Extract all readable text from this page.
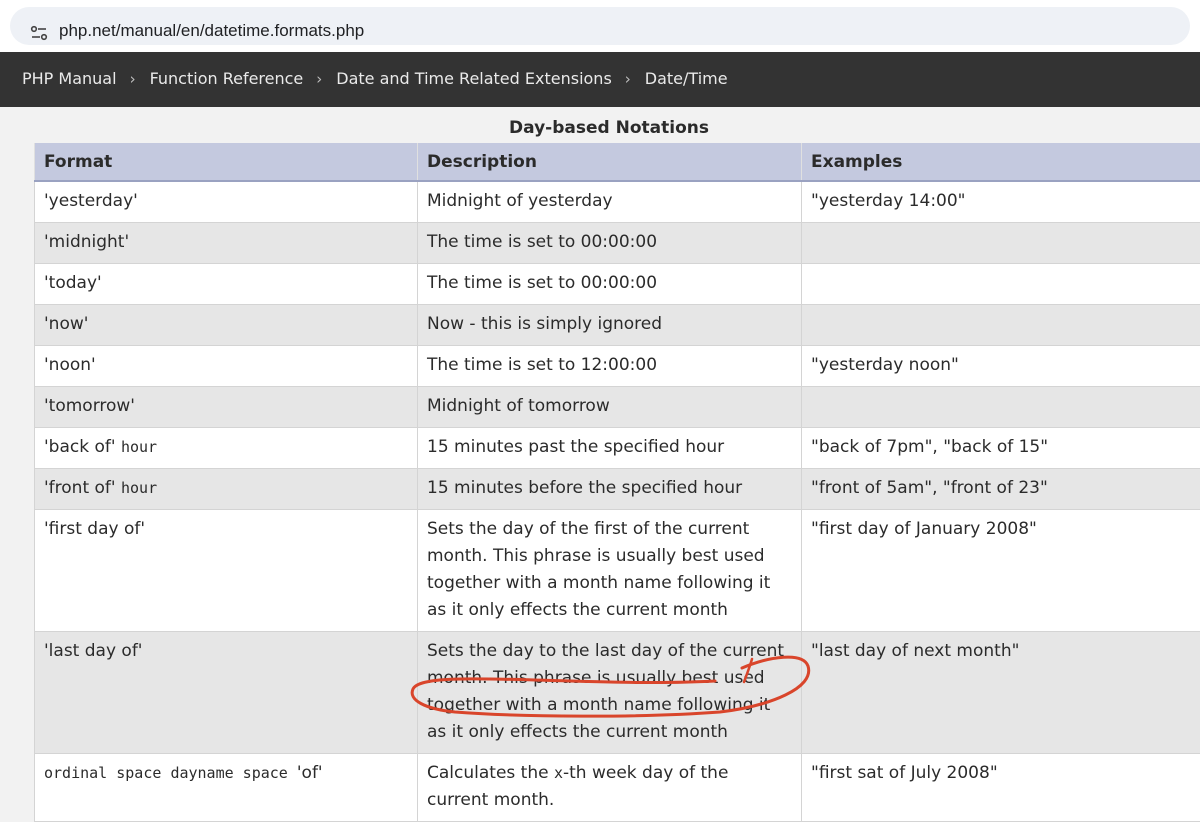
php.net/manual/en/datetime.formats.php
PHP Manual › Function Reference › Date and Time Related Extensions › Date/Time
Day-based Notations
Format	Description	Examples
'yesterday'	Midnight of yesterday	"yesterday 14:00"
'midnight'	The time is set to 00:00:00	
'today'	The time is set to 00:00:00	
'now'	Now - this is simply ignored	
'noon'	The time is set to 12:00:00	"yesterday noon"
'tomorrow'	Midnight of tomorrow	
'back of' hour	15 minutes past the specified hour	"back of 7pm", "back of 15"
'front of' hour	15 minutes before the specified hour	"front of 5am", "front of 23"
'first day of'	Sets the day of the first of the current month. This phrase is usually best used together with a month name following it as it only effects the current month	"first day of January 2008"
'last day of'	Sets the day to the last day of the current month. This phrase is usually best used together with a month name following it as it only effects the current month	"last day of next month"
ordinal space dayname space 'of'	Calculates the x-th week day of the current month.	"first sat of July 2008"
